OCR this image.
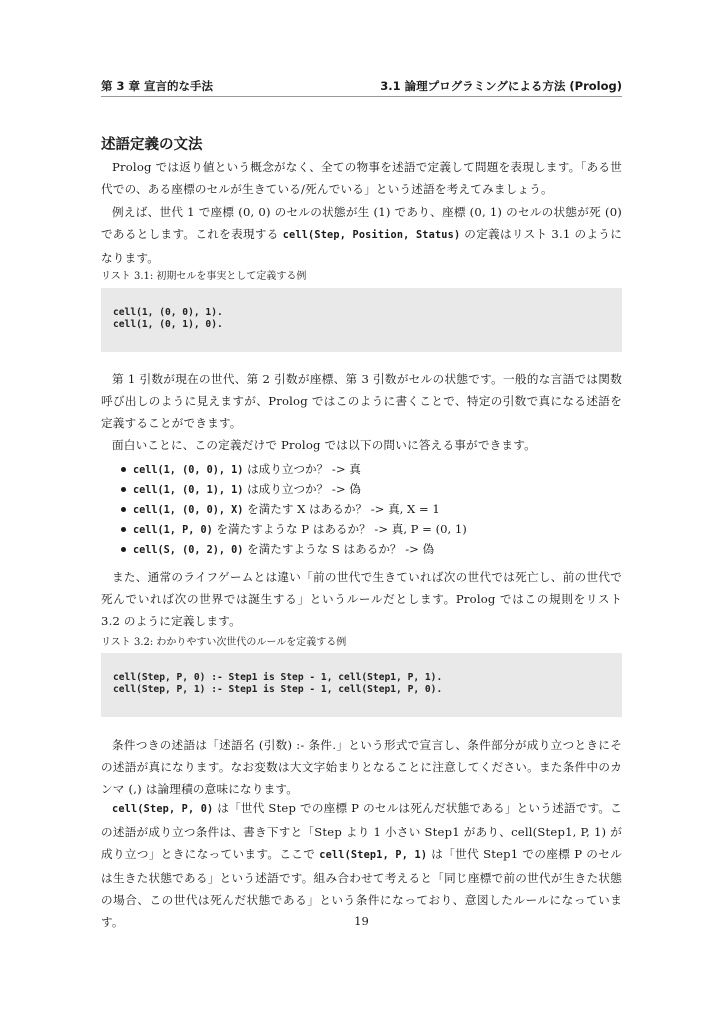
第 3 章 宣言的な手法	3.1 論理プログラミングによる方法 (Prolog)
述語定義の文法

Prolog では返り値という概念がなく、全ての物事を述語で定義して問題を表現します。「ある世代での、ある座標のセルが生きている/死んでいる」という述語を考えてみましょう。

例えば、世代 1 で座標 (0, 0) のセルの状態が生 (1) であり、座標 (0, 1) のセルの状態が死 (0) であるとします。これを表現する cell(Step, Position, Status) の定義はリスト 3.1 のようになります。

リスト 3.1: 初期セルを事実として定義する例
cell(1, (0, 0), 1).
cell(1, (0, 1), 0).

第 1 引数が現在の世代、第 2 引数が座標、第 3 引数がセルの状態です。一般的な言語では関数呼び出しのように見えますが、Prolog ではこのように書くことで、特定の引数で真になる述語を定義することができます。

面白いことに、この定義だけで Prolog では以下の問いに答える事ができます。

cell(1, (0, 0), 1) は成り立つか？ -> 真
cell(1, (0, 1), 1) は成り立つか？ -> 偽
cell(1, (0, 0), X) を満たす X はあるか？ -> 真, X = 1
cell(1, P, 0) を満たすような P はあるか？ -> 真, P = (0, 1)
cell(S, (0, 2), 0) を満たすような S はあるか？ -> 偽

また、通常のライフゲームとは違い「前の世代で生きていれば次の世代では死亡し、前の世代で死んでいれば次の世界では誕生する」というルールだとします。Prolog ではこの規則をリスト 3.2 のように定義します。

リスト 3.2: わかりやすい次世代のルールを定義する例
cell(Step, P, 0) :- Step1 is Step - 1, cell(Step1, P, 1).
cell(Step, P, 1) :- Step1 is Step - 1, cell(Step1, P, 0).

条件つきの述語は「述語名 (引数) :- 条件.」という形式で宣言し、条件部分が成り立つときにその述語が真になります。なお変数は大文字始まりとなることに注意してください。また条件中のカンマ (,) は論理積の意味になります。

cell(Step, P, 0) は「世代 Step での座標 P のセルは死んだ状態である」という述語です。この述語が成り立つ条件は、書き下すと「Step より 1 小さい Step1 があり、cell(Step1, P, 1) が成り立つ」ときになっています。ここで cell(Step1, P, 1) は「世代 Step1 での座標 P のセルは生きた状態である」という述語です。組み合わせて考えると「同じ座標で前の世代が生きた状態の場合、この世代は死んだ状態である」という条件になっており、意図したルールになっています。	19
